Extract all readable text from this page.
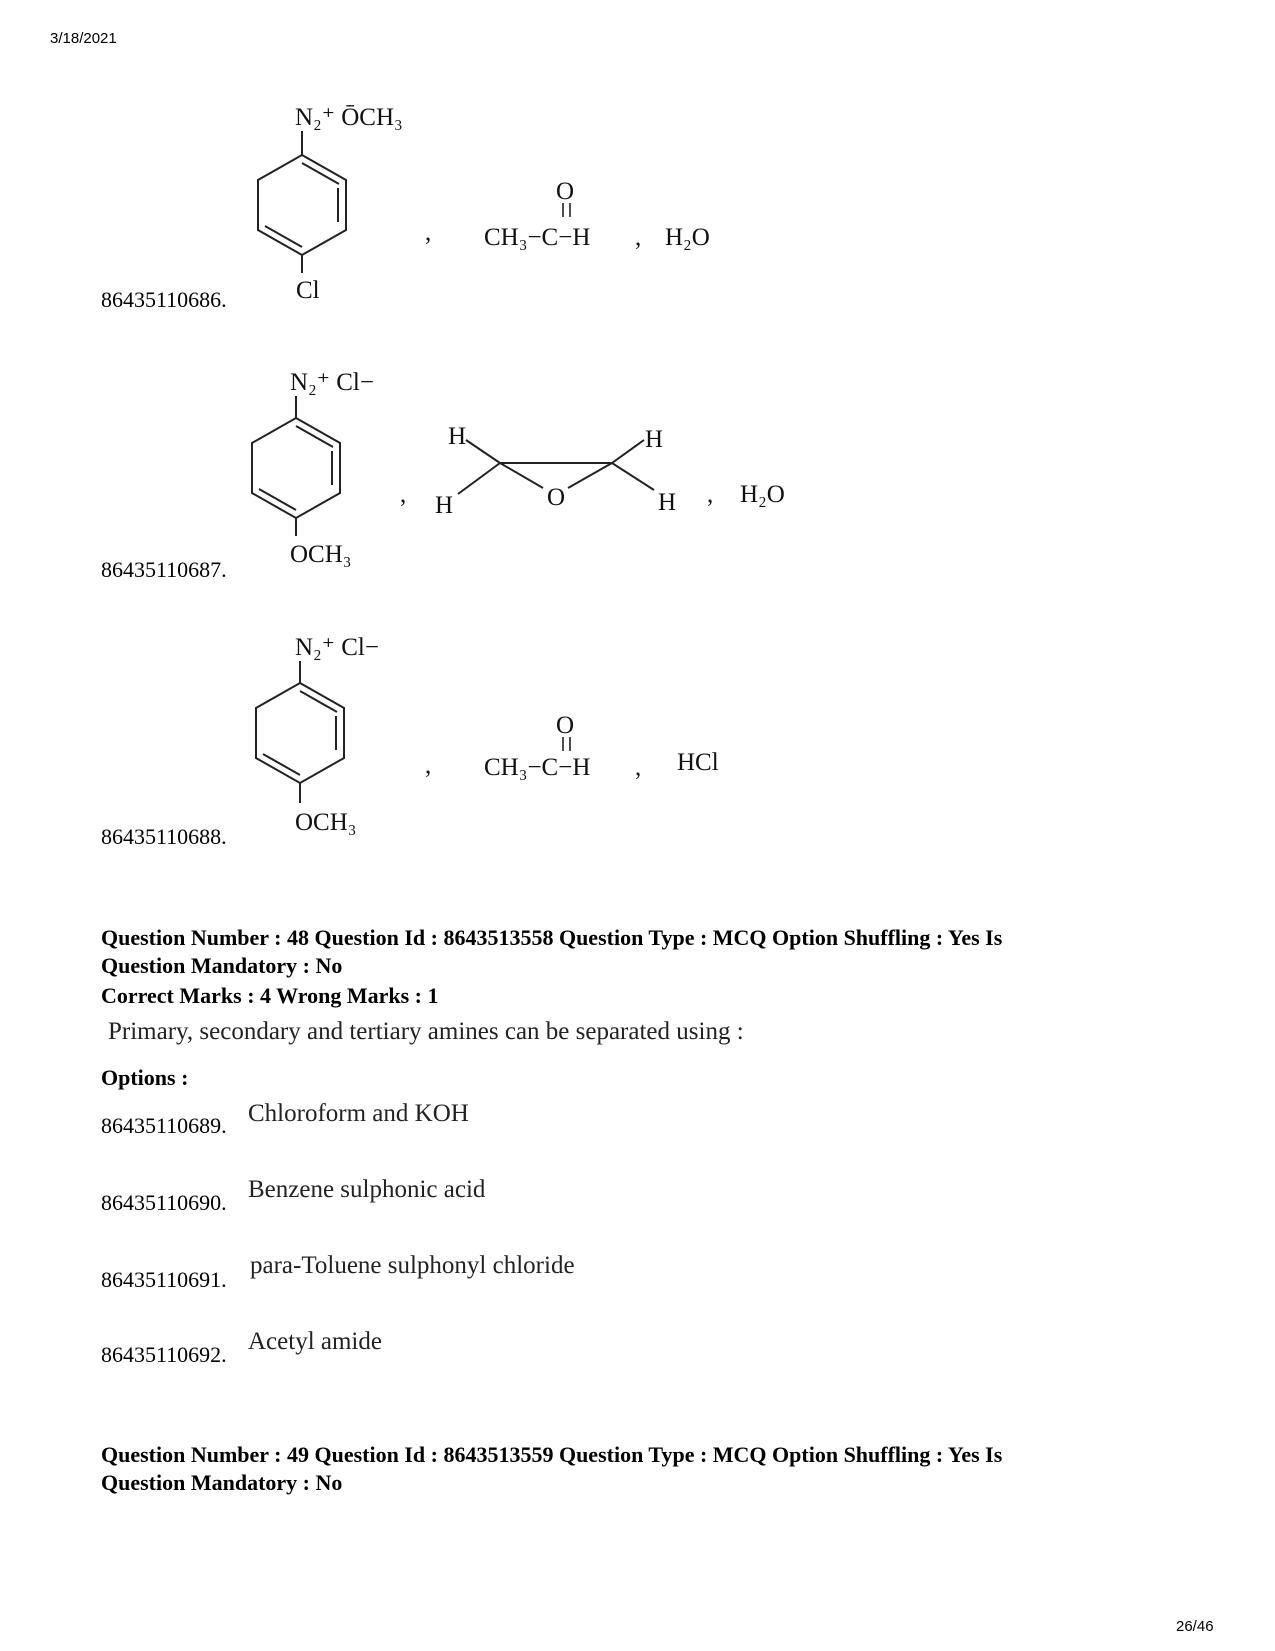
3/18/2021
86435110686.
N₂⁺ ŌCH₃
Cl
,
O
CH₃−C−H , H₂O
86435110687.
N₂⁺ Cl−
OCH₃
,
H	H
H	H
O	, H₂O
86435110688.
N₂⁺ Cl−
OCH₃
,
O
CH₃−C−H , HCl
Question Number : 48 Question Id : 8643513558 Question Type : MCQ Option Shuffling : Yes Is
Question Mandatory : No
Correct Marks : 4 Wrong Marks : 1
Primary, secondary and tertiary amines can be separated using :
Options :
86435110689. Chloroform and KOH
86435110690. Benzene sulphonic acid
86435110691.
para-Toluene sulphonyl chloride
86435110692. Acetyl amide
Question Number : 49 Question Id : 8643513559 Question Type : MCQ Option Shuffling : Yes Is
Question Mandatory : No
26/46
